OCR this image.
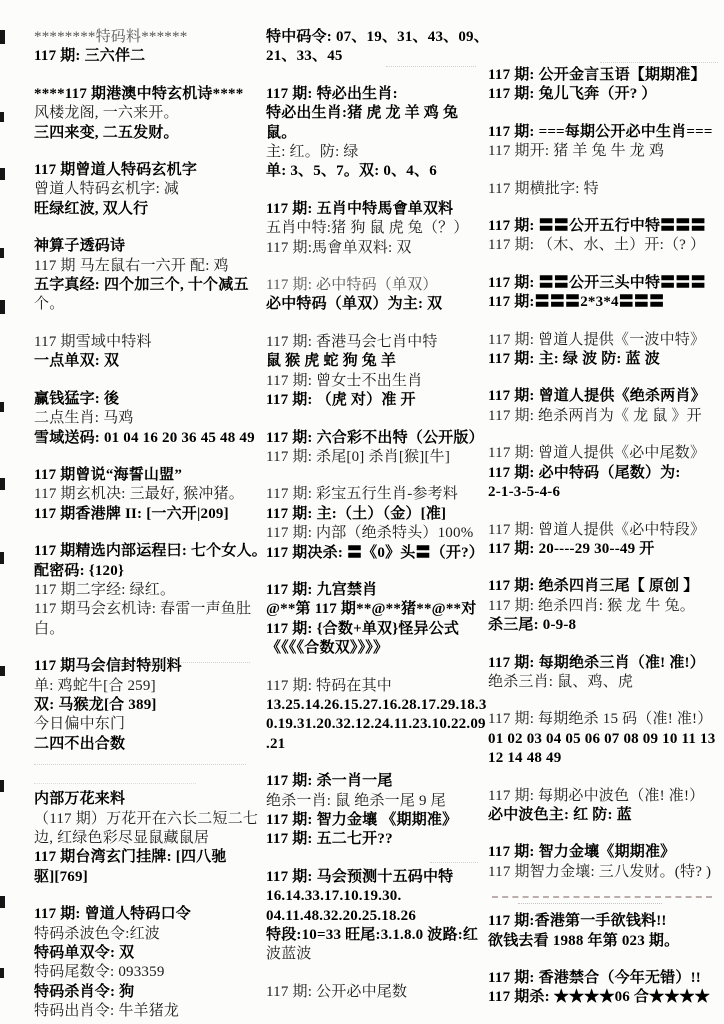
********特码料******
117 期: 三六伴二
****117 期港澳中特玄机诗****
风楼龙阁, 一六来开。
三四来变, 二五发财。
117 期曾道人特码玄机字
曾道人特码玄机字: 减
旺绿红波, 双人行
神算子透码诗
117 期 马左鼠右一六开 配: 鸡
五字真经: 四个加三个, 十个减五
个。
117 期雪域中特料
一点单双: 双
赢钱猛字: 後
二点生肖: 马鸡
雪域送码: 01 04 16 20 36 45 48 49
117 期曾说“海誓山盟”
117 期玄机决: 三最好, 猴冲猪。
117 期香港牌 II: [一六开|209]
117 期精选内部运程曰: 七个女人。
配密码: {120}
117 期二字经: 绿红。
117 期马会玄机诗: 春雷一声鱼肚
白。
117 期马会信封特别料
单: 鸡蛇牛[合 259]
双: 马猴龙[合 389]
今日偏中东门
二四不出合数
内部万花来料
（117 期）万花开在六长二短二七
边, 红绿色彩尽显鼠藏鼠居
117 期台湾玄门挂牌: [四八驰
驱][769]
117 期: 曾道人特码口令
特码杀波色令:红波
特码单双令: 双
特码尾数令: 093359
特码杀肖令: 狗
特码出肖令: 牛羊猪龙
特中码令: 07、19、31、43、09、
21、33、45
117 期: 特必出生肖:
特必出生肖:猪 虎 龙 羊 鸡 兔
鼠。
主: 红。防: 绿
单: 3、5、7。双: 0、4、6
117 期: 五肖中特馬會单双料
五肖中特:猪 狗 鼠 虎 兔（？）
117 期:馬會单双料: 双
117 期: 必中特码（单双）
必中特码（单双）为主: 双
117 期: 香港马会七肖中特
鼠 猴 虎 蛇 狗 兔 羊
117 期: 曾女士不出生肖
117 期: （虎 对）准 开
117 期: 六合彩不出特（公开版）
117 期: 杀尾[0] 杀肖[猴][牛]
117 期: 彩宝五行生肖-参考料
117 期: 主:（土）（金）[准]
117 期: 内部（绝杀特头）100%
117 期决杀: 〓《0》头〓（开?）
117 期: 九宫禁肖
@**第 117 期**@**猪**@**对
117 期: {合数+单双}怪异公式
《《《《合数双》》》》
117 期: 特码在其中
13.25.14.26.15.27.16.28.17.29.18.3
0.19.31.20.32.12.24.11.23.10.22.09
.21
117 期: 杀一肖一尾
绝杀一肖: 鼠 绝杀一尾 9 尾
117 期: 智力金壤 《期期准》
117 期: 五二七开??
117 期: 马会预测十五码中特
16.14.33.17.10.19.30.
04.11.48.32.20.25.18.26
特段:10=33 旺尾:3.1.8.0 波路:红
波蓝波
117 期: 公开必中尾数
117 期: 公开金言玉语【期期准】
117 期: 兔儿飞奔（开? ）
117 期: ===每期公开必中生肖===
117 期开: 猪 羊 兔 牛 龙 鸡
117 期横批字: 特
117 期: 〓〓公开五行中特〓〓〓
117 期: （木、水、土）开:（? ）
117 期: 〓〓公开三头中特〓〓〓
117 期:〓〓〓2*3*4〓〓〓
117 期: 曾道人提供《一波中特》
117 期: 主: 绿 波 防: 蓝 波
117 期: 曾道人提供《绝杀两肖》
117 期: 绝杀两肖为《 龙 鼠 》开
117 期: 曾道人提供《必中尾数》
117 期: 必中特码（尾数）为:
2-1-3-5-4-6
117 期: 曾道人提供《必中特段》
117 期: 20----29 30--49 开
117 期: 绝杀四肖三尾【 原创 】
117 期: 绝杀四肖: 猴 龙 牛 兔。
杀三尾: 0-9-8
117 期: 每期绝杀三肖（准! 准!）
绝杀三肖: 鼠、鸡、虎
117 期: 每期绝杀 15 码（准! 准!）
01 02 03 04 05 06 07 08 09 10 11 13
12 14 48 49
117 期: 每期必中波色（准! 准!）
必中波色主: 红 防: 蓝
117 期: 智力金壤《期期准》
117 期智力金壤: 三八发财。(特? )
117 期:香港第一手欲钱料!!
欲钱去看 1988 年第 023 期。
117 期: 香港禁合（今年无错）!!
117 期杀: ★★★★06 合★★★★
